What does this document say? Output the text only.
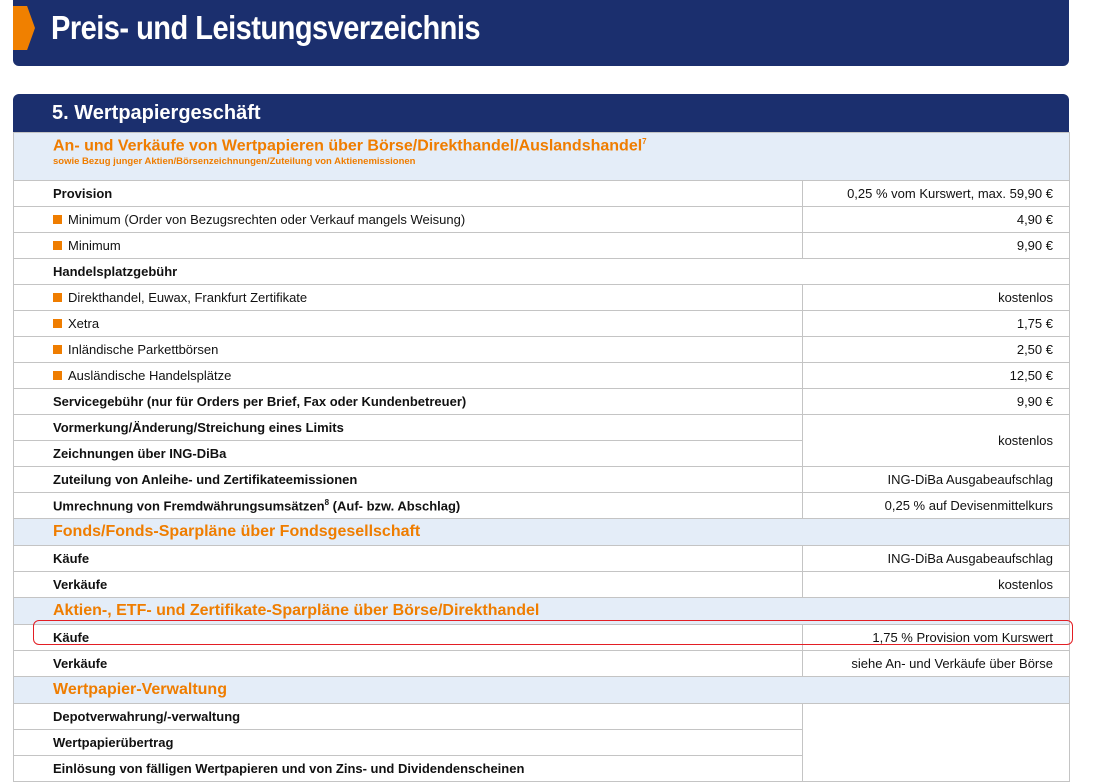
Preis- und Leistungsverzeichnis
5. Wertpapiergeschäft
An- und Verkäufe von Wertpapieren über Börse/Direkthandel/Auslandshandel$^7$
sowie Bezug junger Aktien/Börsenzeichnungen/Zuteilung von Aktienemissionen	

Provision	0,25 % vom Kurswert, max. 59,90 €
Minimum (Order von Bezugsrechten oder Verkauf mangels Weisung)	4,90 €
Minimum	9,90 €
Handelsplatzgebühr	
Direkthandel, Euwax, Frankfurt Zertifikate	kostenlos
Xetra	1,75 €
Inländische Parkettbörsen	2,50 €
Ausländische Handelsplätze	12,50 €
Servicegebühr (nur für Orders per Brief, Fax oder Kundenbetreuer)	9,90 €
Vormerkung/Änderung/Streichung eines Limits	kostenlos
Zeichnungen über ING-DiBa	
Zuteilung von Anleihe- und Zertifikateemissionen	ING-DiBa Ausgabeaufschlag
Umrechnung von Fremdwährungsumsätzen$^8$ (Auf- bzw. Abschlag)	0,25 % auf Devisenmittelkurs
Fonds/Fonds-Sparpläne über Fondsgesellschaft	
Käufe	ING-DiBa Ausgabeaufschlag
Verkäufe	kostenlos
Aktien-, ETF- und Zertifikate-Sparpläne über Börse/Direkthandel	
Käufe	1,75 % Provision vom Kurswert
Verkäufe	siehe An- und Verkäufe über Börse
Wertpapier-Verwaltung	
Depotverwahrung/-verwaltung	
Wertpapierübertrag	
Einlösung von fälligen Wertpapieren und von Zins- und Dividendenscheinen	
